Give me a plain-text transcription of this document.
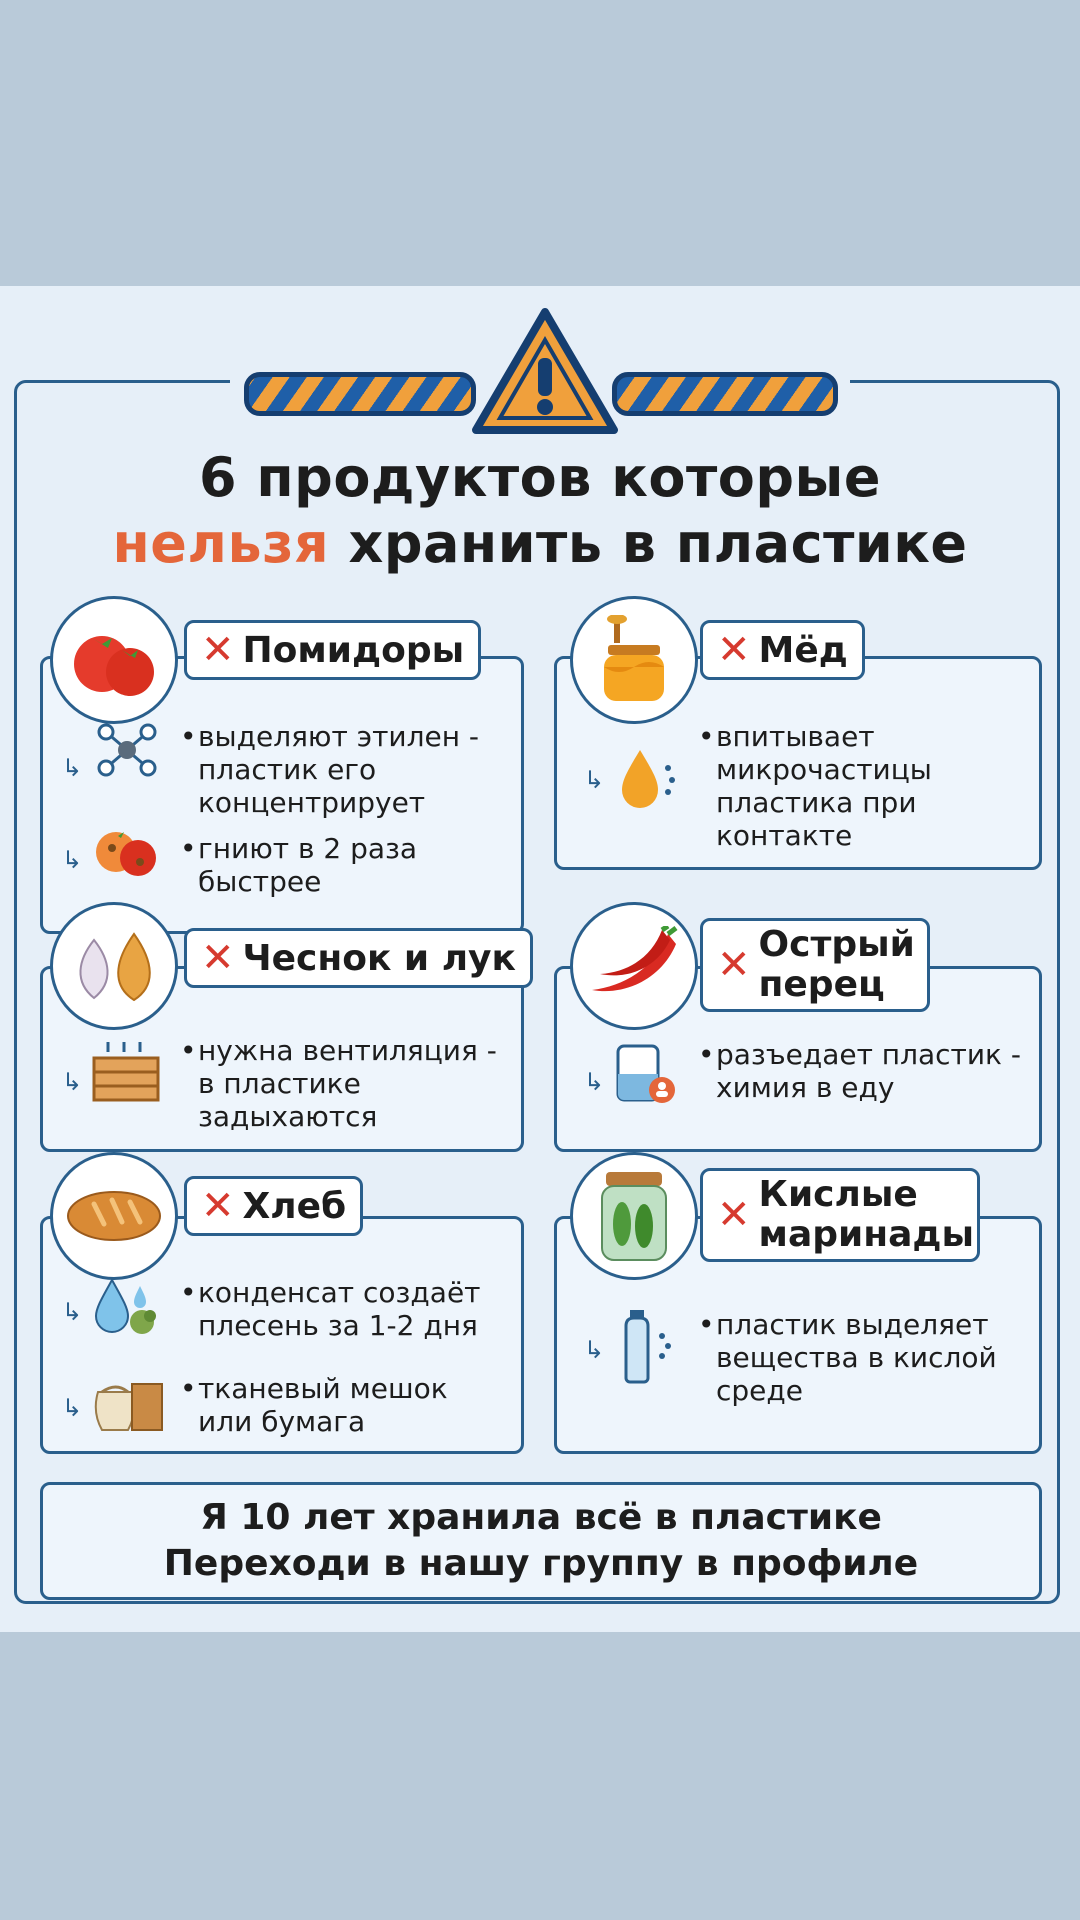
6 продуктов которые
нельзя хранить в пластике
✕ Помидоры
↳
• выделяют этилен - пластик его концентрирует
↳	• гниют в 2 раза быстрее
✕ Мёд
↳
• впитывает микрочастицы пластика при контакте
✕ Чеснок и лук
↳
• нужна вентиляция - в пластике задыхаются
✕ Острый
перец
↳
• разъедает пластик - химия в еду
✕ Хлеб
↳
• конденсат создаёт плесень за 1-2 дня
↳
• тканевый мешок или бумага
✕ Кислые
маринады
↳
• пластик выделяет вещества в кислой среде
Я 10 лет хранила всё в пластике
Переходи в нашу группу в профиле
